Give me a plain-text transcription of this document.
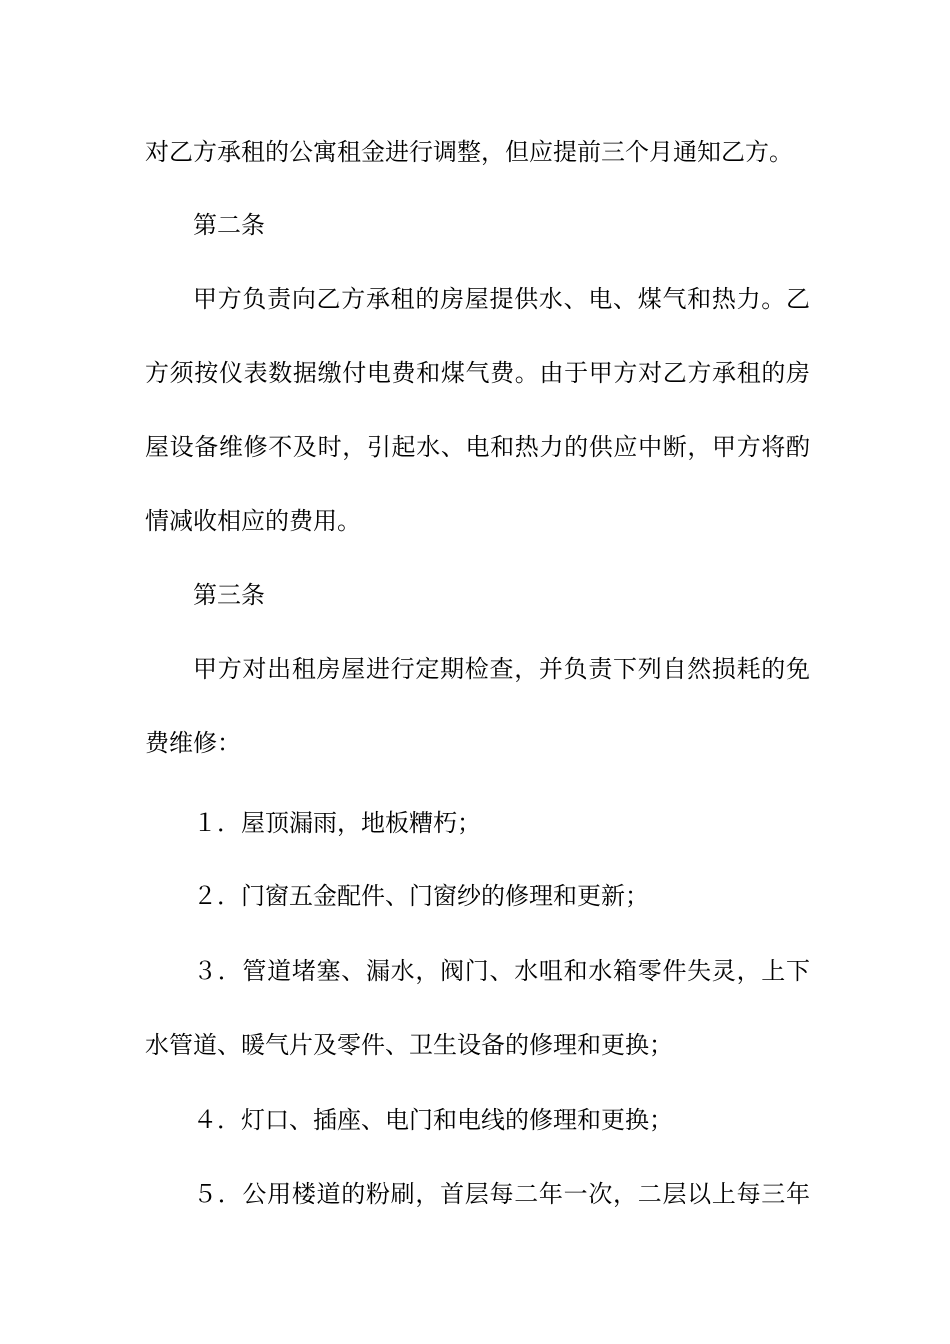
对乙方承租的公寓租金进行调整，但应提前三个月通知乙方。
第二条
甲方负责向乙方承租的房屋提供水、电、煤气和热力。乙
方须按仪表数据缴付电费和煤气费。由于甲方对乙方承租的房
屋设备维修不及时，引起水、电和热力的供应中断，甲方将酌
情减收相应的费用。
第三条
甲方对出租房屋进行定期检查，并负责下列自然损耗的免
费维修：
１．屋顶漏雨，地板糟朽；
２．门窗五金配件、门窗纱的修理和更新；
３．管道堵塞、漏水，阀门、水咀和水箱零件失灵，上下
水管道、暖气片及零件、卫生设备的修理和更换；
４．灯口、插座、电门和电线的修理和更换；
５．公用楼道的粉刷，首层每二年一次，二层以上每三年
